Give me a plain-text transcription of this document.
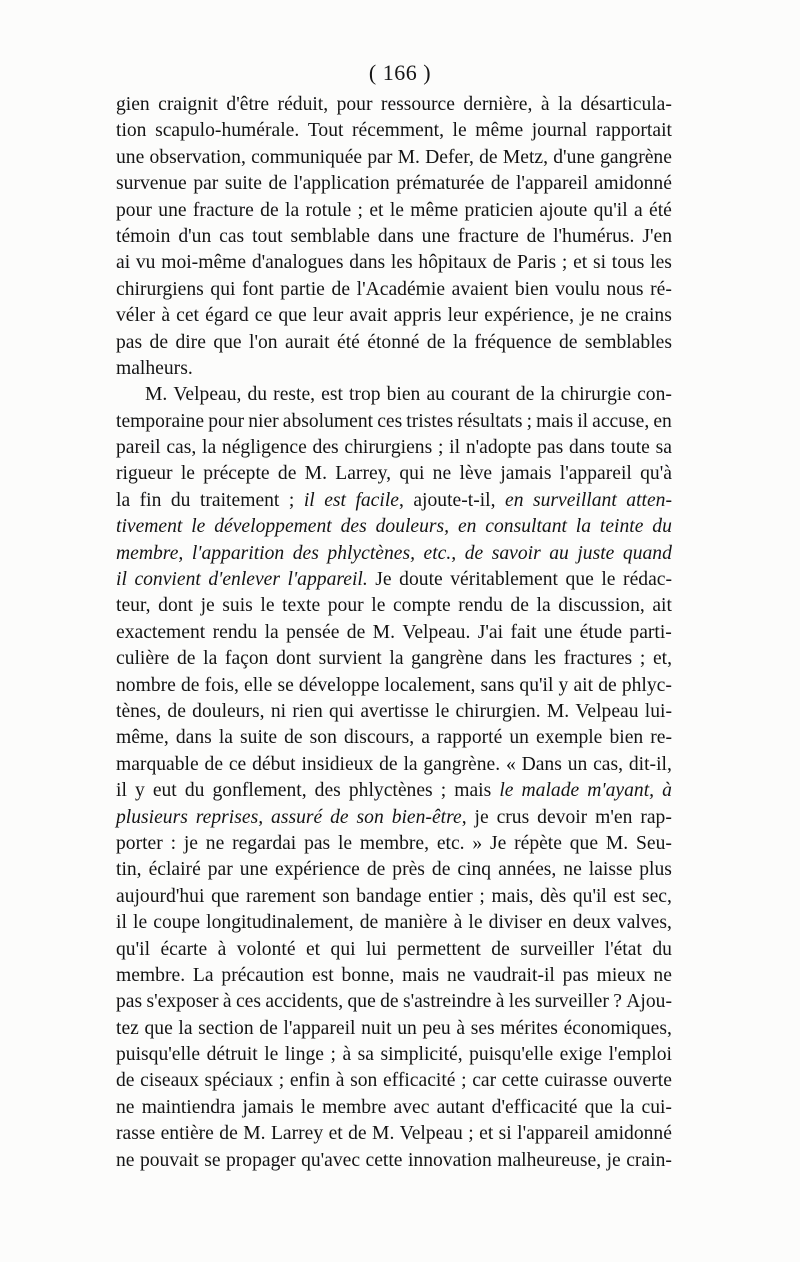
( 166 )
gien craignit d'être réduit, pour ressource dernière, à la désarticula-
tion scapulo-humérale. Tout récemment, le même journal rapportait
une observation, communiquée par M. Defer, de Metz, d'une gangrène
survenue par suite de l'application prématurée de l'appareil amidonné
pour une fracture de la rotule ; et le même praticien ajoute qu'il a été
témoin d'un cas tout semblable dans une fracture de l'humérus. J'en
ai vu moi-même d'analogues dans les hôpitaux de Paris ; et si tous les
chirurgiens qui font partie de l'Académie avaient bien voulu nous ré-
véler à cet égard ce que leur avait appris leur expérience, je ne crains
pas de dire que l'on aurait été étonné de la fréquence de semblables
malheurs.
M. Velpeau, du reste, est trop bien au courant de la chirurgie con-
temporaine pour nier absolument ces tristes résultats ; mais il accuse, en
pareil cas, la négligence des chirurgiens ; il n'adopte pas dans toute sa
rigueur le précepte de M. Larrey, qui ne lève jamais l'appareil qu'à
la fin du traitement ; il est facile, ajoute-t-il, en surveillant atten-
tivement le développement des douleurs, en consultant la teinte du
membre, l'apparition des phlyctènes, etc., de savoir au juste quand
il convient d'enlever l'appareil. Je doute véritablement que le rédac-
teur, dont je suis le texte pour le compte rendu de la discussion, ait
exactement rendu la pensée de M. Velpeau. J'ai fait une étude parti-
culière de la façon dont survient la gangrène dans les fractures ; et,
nombre de fois, elle se développe localement, sans qu'il y ait de phlyc-
tènes, de douleurs, ni rien qui avertisse le chirurgien. M. Velpeau lui-
même, dans la suite de son discours, a rapporté un exemple bien re-
marquable de ce début insidieux de la gangrène. « Dans un cas, dit-il,
il y eut du gonflement, des phlyctènes ; mais le malade m'ayant, à
plusieurs reprises, assuré de son bien-être, je crus devoir m'en rap-
porter : je ne regardai pas le membre, etc. » Je répète que M. Seu-
tin, éclairé par une expérience de près de cinq années, ne laisse plus
aujourd'hui que rarement son bandage entier ; mais, dès qu'il est sec,
il le coupe longitudinalement, de manière à le diviser en deux valves,
qu'il écarte à volonté et qui lui permettent de surveiller l'état du
membre. La précaution est bonne, mais ne vaudrait-il pas mieux ne
pas s'exposer à ces accidents, que de s'astreindre à les surveiller ? Ajou-
tez que la section de l'appareil nuit un peu à ses mérites économiques,
puisqu'elle détruit le linge ; à sa simplicité, puisqu'elle exige l'emploi
de ciseaux spéciaux ; enfin à son efficacité ; car cette cuirasse ouverte
ne maintiendra jamais le membre avec autant d'efficacité que la cui-
rasse entière de M. Larrey et de M. Velpeau ; et si l'appareil amidonné
ne pouvait se propager qu'avec cette innovation malheureuse, je crain-
